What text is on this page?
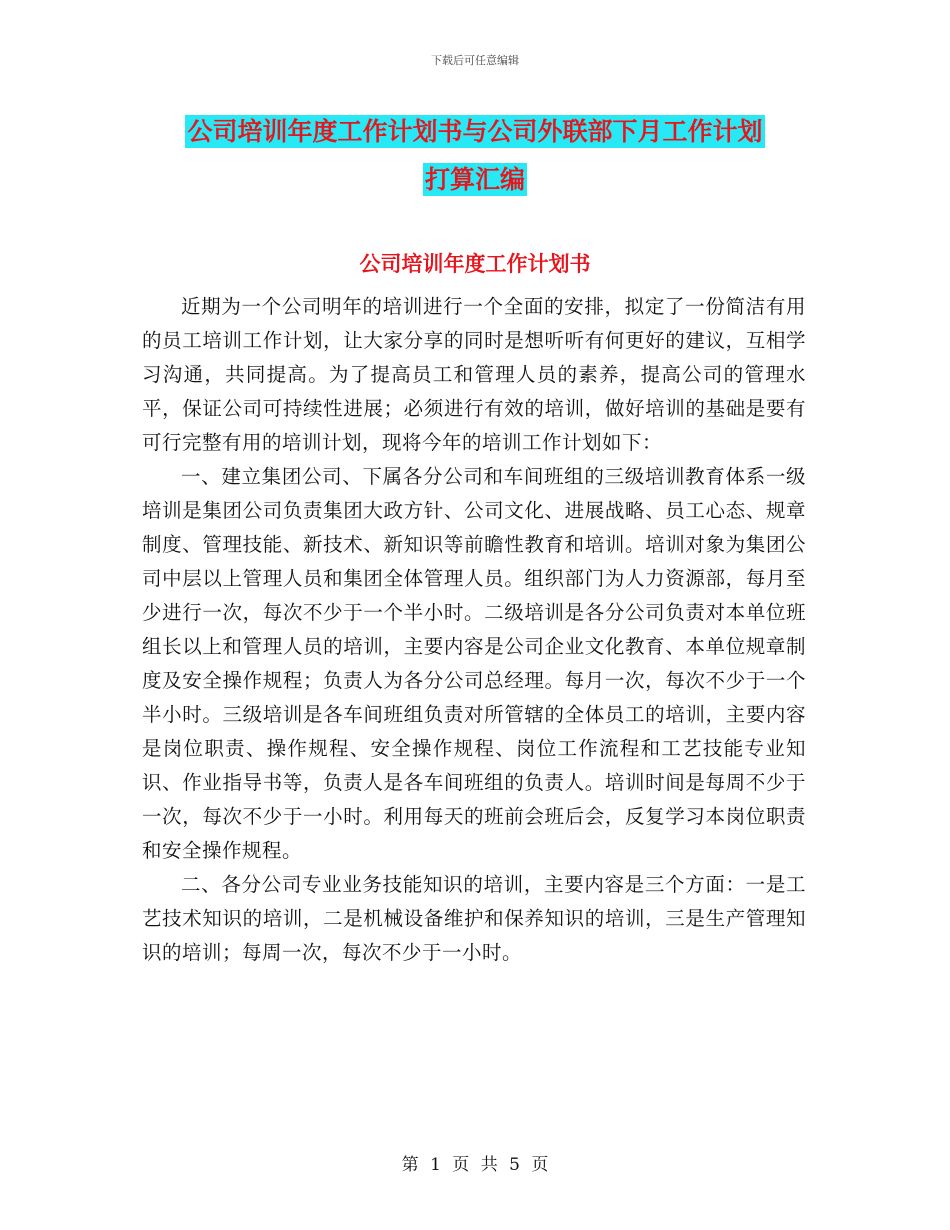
下载后可任意编辑
公司培训年度工作计划书与公司外联部下月工作计划
打算汇编
公司培训年度工作计划书

近期为一个公司明年的培训进行一个全面的安排，拟定了一份简洁有用的员工培训工作计划，让大家分享的同时是想听听有何更好的建议，互相学习沟通，共同提高。为了提高员工和管理人员的素养，提高公司的管理水平，保证公司可持续性进展；必须进行有效的培训，做好培训的基础是要有可行完整有用的培训计划，现将今年的培训工作计划如下：

一、建立集团公司、下属各分公司和车间班组的三级培训教育体系一级培训是集团公司负责集团大政方针、公司文化、进展战略、员工心态、规章制度、管理技能、新技术、新知识等前瞻性教育和培训。培训对象为集团公司中层以上管理人员和集团全体管理人员。组织部门为人力资源部，每月至少进行一次，每次不少于一个半小时。二级培训是各分公司负责对本单位班组长以上和管理人员的培训，主要内容是公司企业文化教育、本单位规章制度及安全操作规程；负责人为各分公司总经理。每月一次，每次不少于一个半小时。三级培训是各车间班组负责对所管辖的全体员工的培训，主要内容是岗位职责、操作规程、安全操作规程、岗位工作流程和工艺技能专业知识、作业指导书等，负责人是各车间班组的负责人。培训时间是每周不少于一次，每次不少于一小时。利用每天的班前会班后会，反复学习本岗位职责和安全操作规程。

二、各分公司专业业务技能知识的培训，主要内容是三个方面：一是工艺技术知识的培训，二是机械设备维护和保养知识的培训，三是生产管理知识的培训；每周一次，每次不少于一小时。

第 1 页 共 5 页
